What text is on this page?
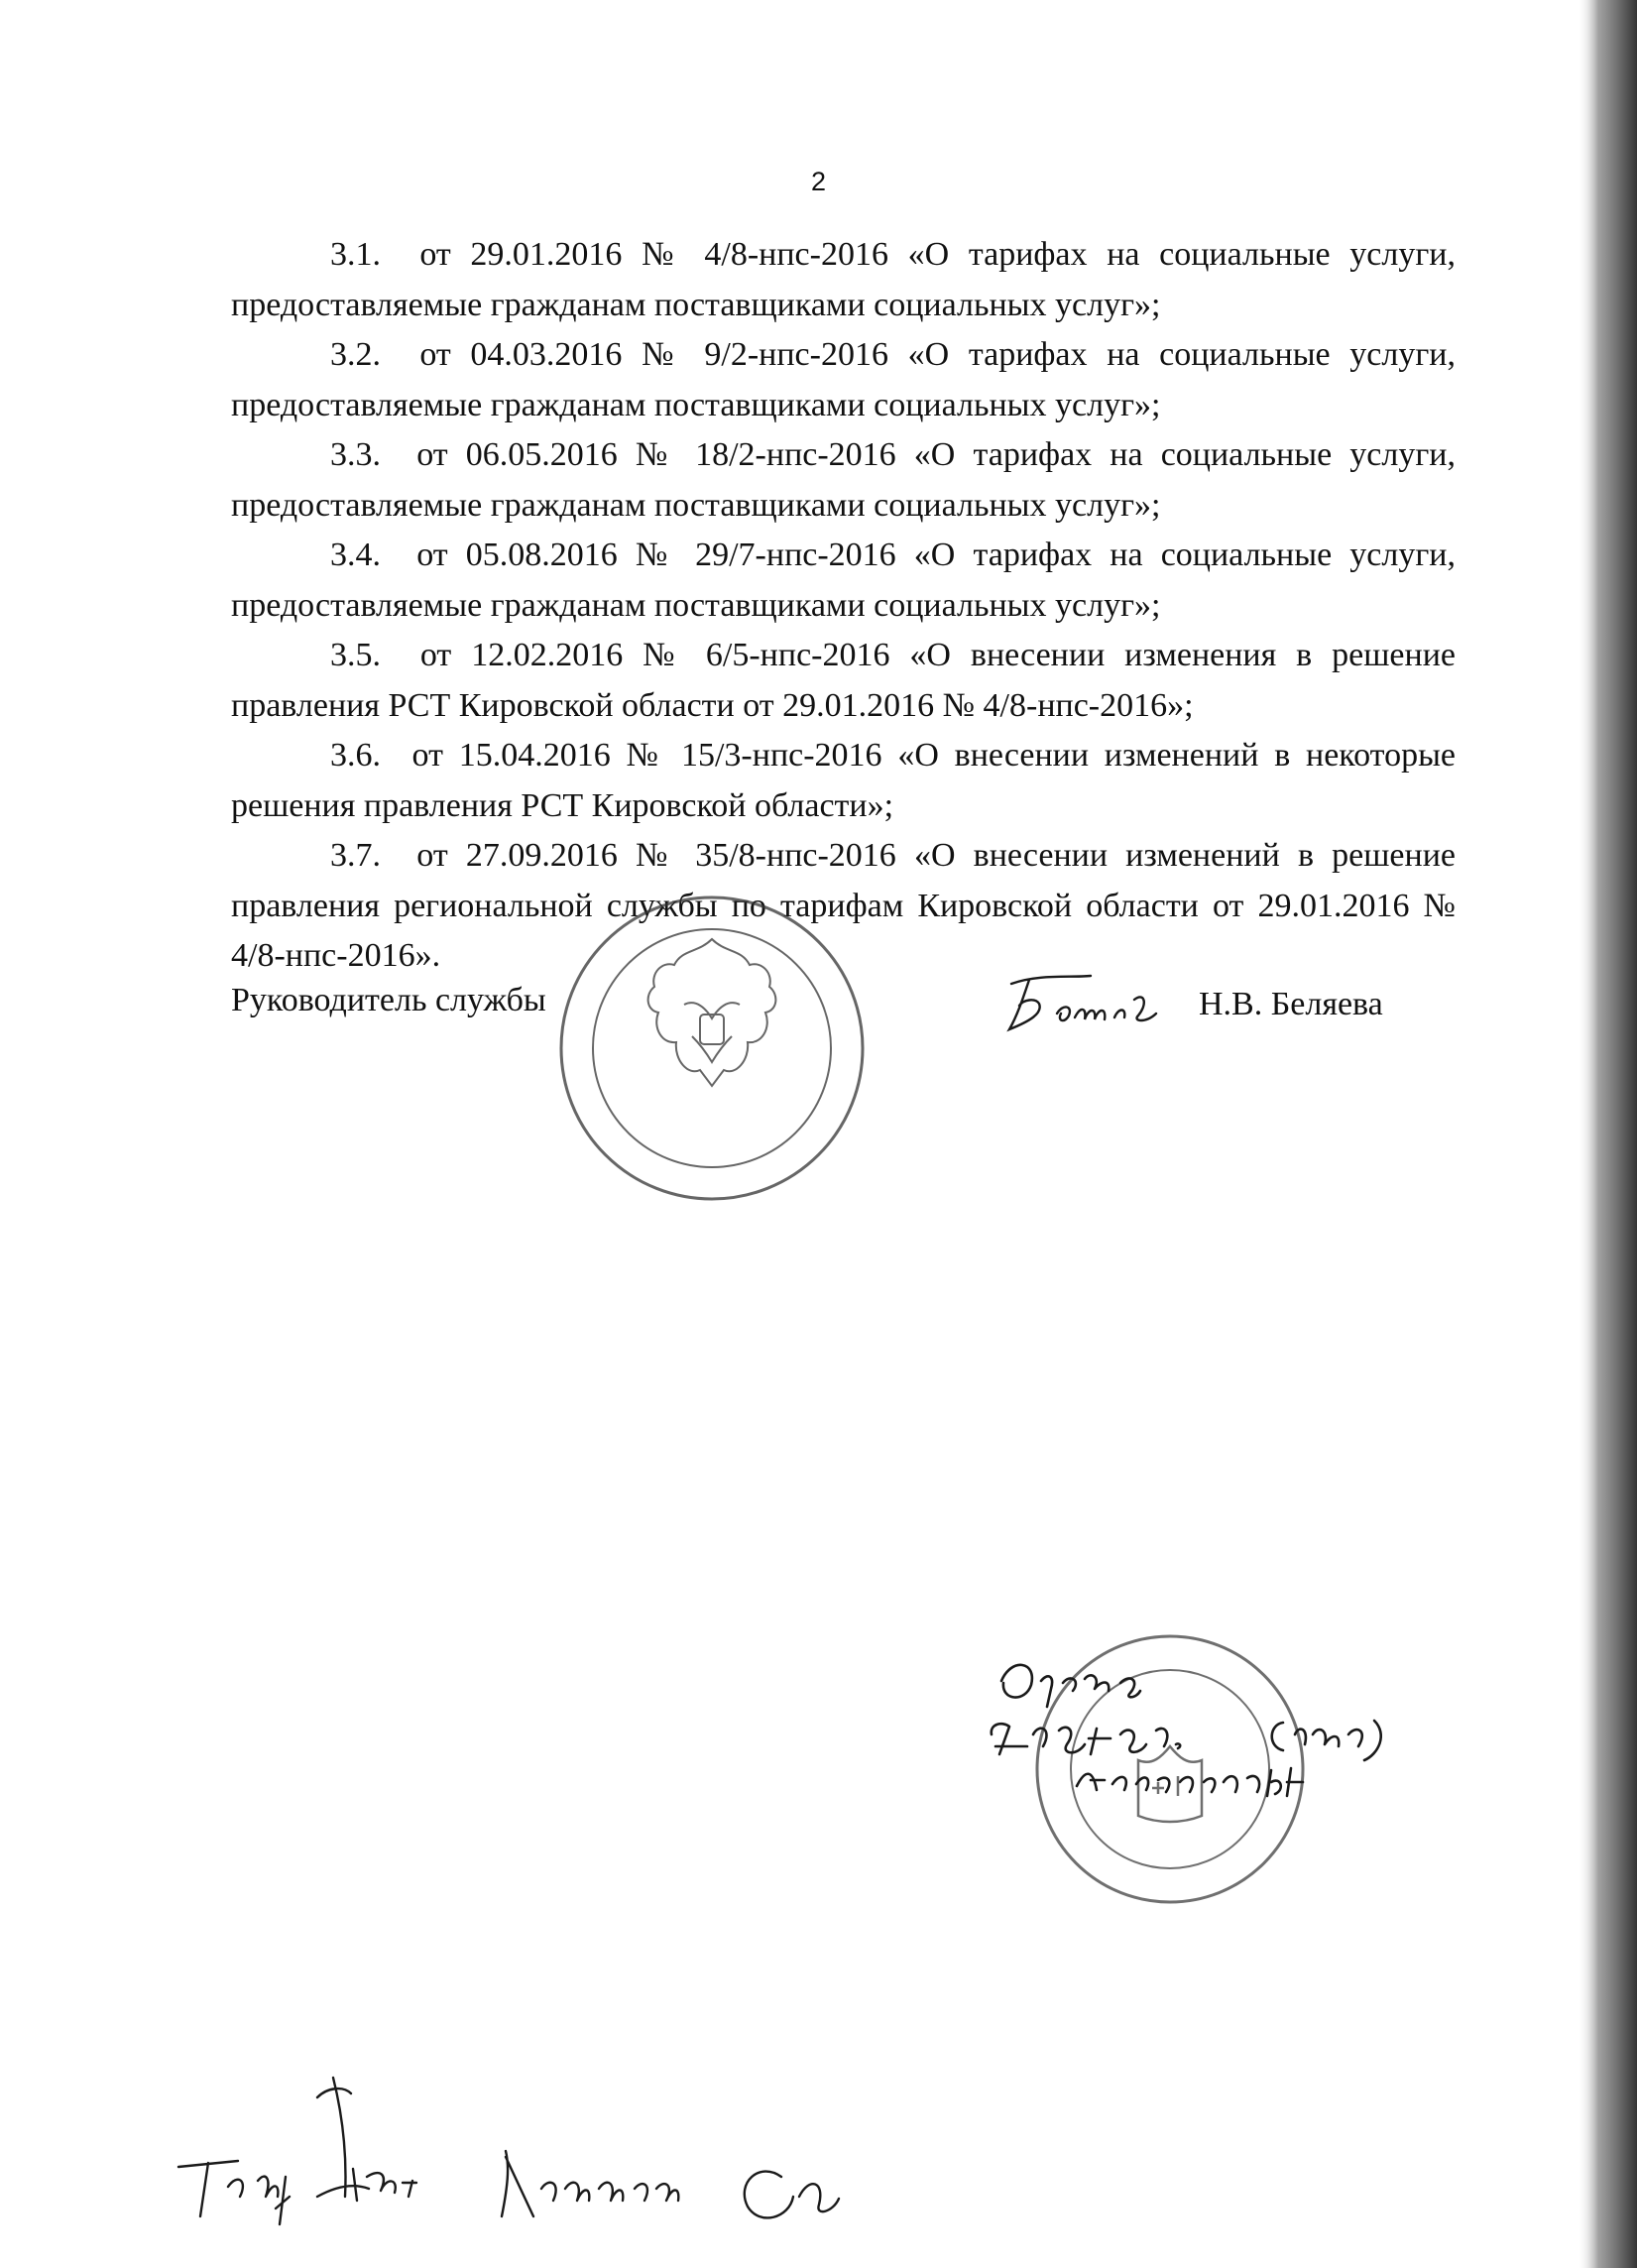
2

3.1. от 29.01.2016 № 4/8-нпс-2016 «О тарифах на социальные услуги, предоставляемые гражданам поставщиками социальных услуг»;

3.2. от 04.03.2016 № 9/2-нпс-2016 «О тарифах на социальные услуги, предоставляемые гражданам поставщиками социальных услуг»;

3.3. от 06.05.2016 № 18/2-нпс-2016 «О тарифах на социальные услуги, предоставляемые гражданам поставщиками социальных услуг»;

3.4. от 05.08.2016 № 29/7-нпс-2016 «О тарифах на социальные услуги, предоставляемые гражданам поставщиками социальных услуг»;

3.5. от 12.02.2016 № 6/5-нпс-2016 «О внесении изменения в решение правления РСТ Кировской области от 29.01.2016 № 4/8-нпс-2016»;

3.6. от 15.04.2016 № 15/3-нпс-2016 «О внесении изменений в некоторые решения правления РСТ Кировской области»;

3.7. от 27.09.2016 № 35/8-нпс-2016 «О внесении изменений в решение правления региональной службы по тарифам Кировской области от 29.01.2016 № 4/8-нпс-2016».

Руководитель службы	Н.В. Беляева
